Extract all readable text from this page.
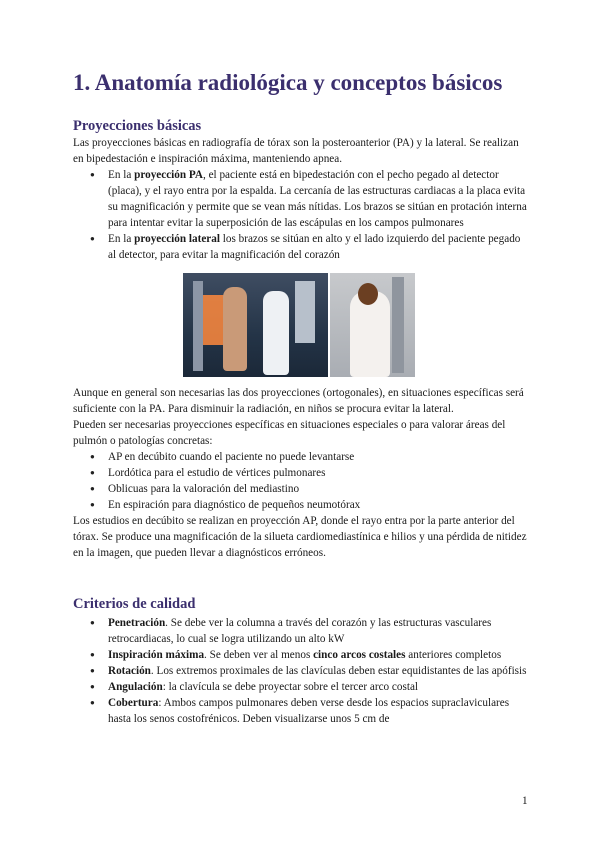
1. Anatomía radiológica y conceptos básicos
Proyecciones básicas

Las proyecciones básicas en radiografía de tórax son la posteroanterior (PA) y la lateral. Se realizan en bipedestación e inspiración máxima, manteniendo apnea.

● En la proyección PA, el paciente está en bipedestación con el pecho pegado al detector (placa), y el rayo entra por la espalda. La cercanía de las estructuras cardiacas a la placa evita su magnificación y permite que se vean más nítidas. Los brazos se sitúan en protación interna para intentar evitar la superposición de las escápulas en los campos pulmonares
● En la proyección lateral los brazos se sitúan en alto y el lado izquierdo del paciente pegado al detector, para evitar la magnificación del corazón

Aunque en general son necesarias las dos proyecciones (ortogonales), en situaciones específicas será suficiente con la PA. Para disminuir la radiación, en niños se procura evitar la lateral.

Pueden ser necesarias proyecciones específicas en situaciones especiales o para valorar áreas del pulmón o patologías concretas:

● AP en decúbito cuando el paciente no puede levantarse
● Lordótica para el estudio de vértices pulmonares
● Oblicuas para la valoración del mediastino
● En espiración para diagnóstico de pequeños neumotórax

Los estudios en decúbito se realizan en proyección AP, donde el rayo entra por la parte anterior del tórax. Se produce una magnificación de la silueta cardiomediastínica e hilios y una pérdida de nitidez en la imagen, que pueden llevar a diagnósticos erróneos.

Criterios de calidad
● Penetración. Se debe ver la columna a través del corazón y las estructuras vasculares retrocardiacas, lo cual se logra utilizando un alto kW
● Inspiración máxima. Se deben ver al menos cinco arcos costales anteriores completos
● Rotación. Los extremos proximales de las clavículas deben estar equidistantes de las apófisis
● Angulación: la clavícula se debe proyectar sobre el tercer arco costal
● Cobertura: Ambos campos pulmonares deben verse desde los espacios supraclaviculares hasta los senos costofrénicos. Deben visualizarse unos 5 cm de
1
